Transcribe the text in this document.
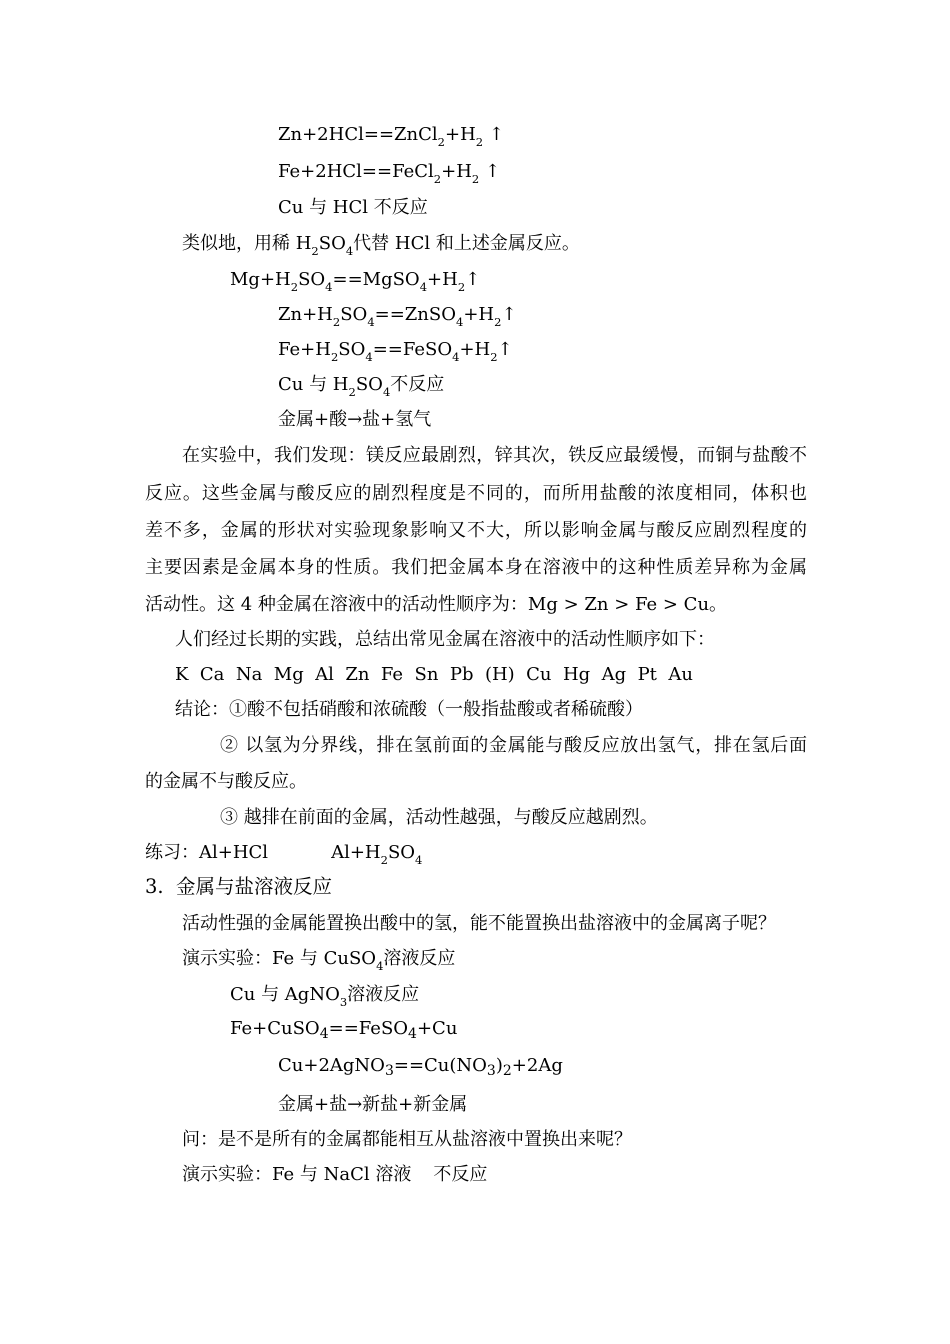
$Zn+2HCl==ZnCl_2+H_2$ ↑
$Fe+2HCl==FeCl_2+H_2$ ↑
Cu 与 HCl 不反应
类似地，用稀 $H_2SO_4$代替 HCl 和上述金属反应。
$Mg+H_2SO_4==MgSO_4+H_2↑$
$Zn+H_2SO_4==ZnSO_4+H_2↑$
$Fe+H_2SO_4==FeSO_4+H_2↑$
Cu 与 $H_2SO_4$不反应
金属+酸→盐+氢气
在实验中，我们发现：镁反应最剧烈，锌其次，铁反应最缓慢，而铜与盐酸不
反应。这些金属与酸反应的剧烈程度是不同的，而所用盐酸的浓度相同，体积也
差不多，金属的形状对实验现象影响又不大，所以影响金属与酸反应剧烈程度的
主要因素是金属本身的性质。我们把金属本身在溶液中的这种性质差异称为金属
活动性。这 4 种金属在溶液中的活动性顺序为：Mg > Zn > Fe > Cu。
人们经过长期的实践，总结出常见金属在溶液中的活动性顺序如下：
K  Ca  Na  Mg  Al  Zn  Fe  Sn  Pb  (H)  Cu  Hg  Ag  Pt  Au
结论：①酸不包括硝酸和浓硫酸（一般指盐酸或者稀硫酸）
② 以氢为分界线，排在氢前面的金属能与酸反应放出氢气，排在氢后面
的金属不与酸反应。
③ 越排在前面的金属，活动性越强，与酸反应越剧烈。
练习：Al+HCl	$Al+H_2SO_4$
3.  金属与盐溶液反应
活动性强的金属能置换出酸中的氢，能不能置换出盐溶液中的金属离子呢？
演示实验：Fe 与 CuSO$_4$溶液反应
Cu 与 AgNO$_3$溶液反应
Fe+CuSO$_4$==FeSO$_4$+Cu
$Cu+2AgNO_3==Cu(NO_3)_2+2Ag$
金属+盐→新盐+新金属
问：是不是所有的金属都能相互从盐溶液中置换出来呢？
演示实验：Fe 与 NaCl 溶液 不反应
